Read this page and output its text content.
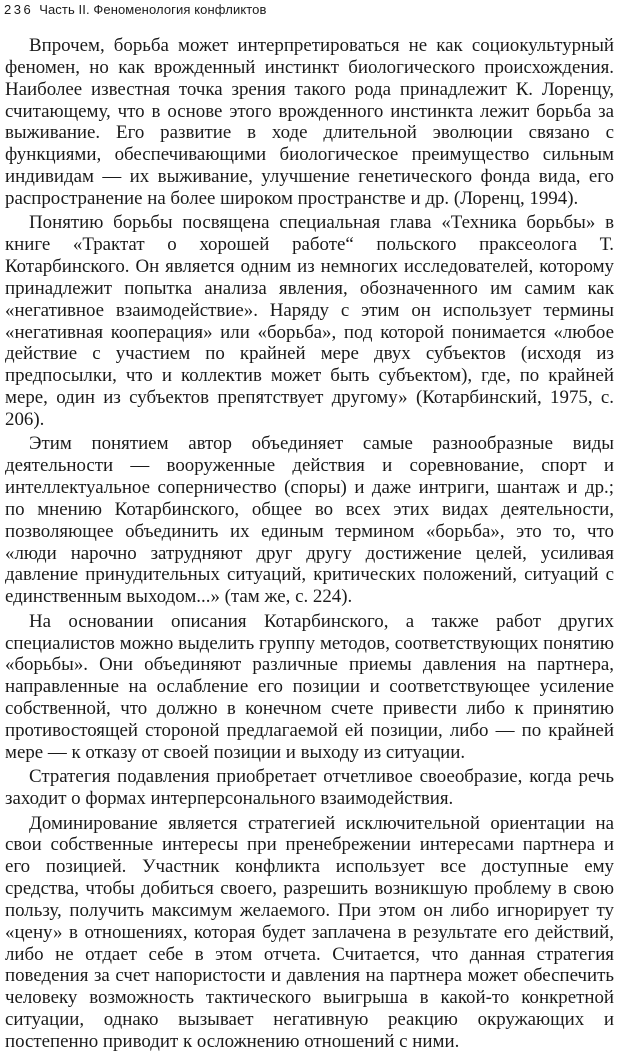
236 Часть II. Феноменология конфликтов

Впрочем, борьба может интерпретироваться не как социокультурный феномен, но как врожденный инстинкт биологического происхождения. Наиболее известная точка зрения такого рода принадлежит К. Лоренцу, считающему, что в основе этого врожденного инстинкта лежит борьба за выживание. Его развитие в ходе длительной эволюции связано с функциями, обеспечивающими биологическое преимущество сильным индивидам — их выживание, улучшение генетического фонда вида, его распространение на более широком пространстве и др. (Лоренц, 1994).

Понятию борьбы посвящена специальная глава «Техника борьбы» в книге «Трактат о хорошей работе“ польского праксеолога Т. Котарбинского. Он является одним из немногих исследователей, которому принадлежит попытка анализа явления, обозначенного им самим как «негативное взаимодействие». Наряду с этим он использует термины «негативная кооперация» или «борьба», под которой понимается «любое действие с участием по крайней мере двух субъектов (исходя из предпосылки, что и коллектив может быть субъектом), где, по крайней мере, один из субъектов препятствует другому» (Котарбинский, 1975, с. 206).

Этим понятием автор объединяет самые разнообразные виды деятельности — вооруженные действия и соревнование, спорт и интеллектуальное соперничество (споры) и даже интриги, шантаж и др.; по мнению Котарбинского, общее во всех этих видах деятельности, позволяющее объединить их единым термином «борьба», это то, что «люди нарочно затрудняют друг другу достижение целей, усиливая давление принудительных ситуаций, критических положений, ситуаций с единственным выходом...» (там же, с. 224).

На основании описания Котарбинского, а также работ других специалистов можно выделить группу методов, соответствующих понятию «борьбы». Они объединяют различные приемы давления на партнера, направленные на ослабление его позиции и соответствующее усиление собственной, что должно в конечном счете привести либо к принятию противостоящей стороной предлагаемой ей позиции, либо — по крайней мере — к отказу от своей позиции и выходу из ситуации.

Стратегия подавления приобретает отчетливое своеобразие, когда речь заходит о формах интерперсонального взаимодействия.

Доминирование является стратегией исключительной ориентации на свои собственные интересы при пренебрежении интересами партнера и его позицией. Участник конфликта использует все доступные ему средства, чтобы добиться своего, разрешить возникшую проблему в свою пользу, получить максимум желаемого. При этом он либо игнорирует ту «цену» в отношениях, которая будет заплачена в результате его действий, либо не отдает себе в этом отчета. Считается, что данная стратегия поведения за счет напористости и давления на партнера может обеспечить человеку возможность тактического выигрыша в какой-то конкретной ситуации, однако вызывает негативную реакцию окружающих и постепенно приводит к осложнению отношений с ними.
